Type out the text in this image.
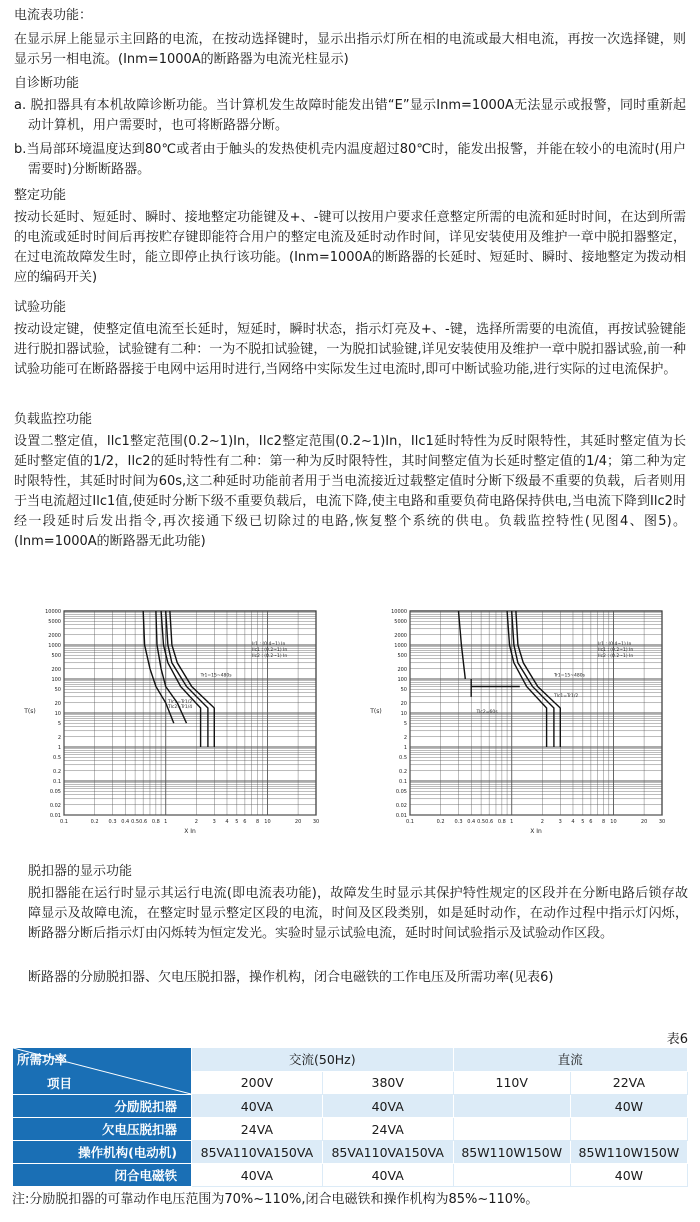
电流表功能：
在显示屏上能显示主回路的电流，在按动选择键时，显示出指示灯所在相的电流或最大相电流，再按一次选择键，则显示另一相电流。(Inm=1000A的断路器为电流光柱显示)
自诊断功能
a. 脱扣器具有本机故障诊断功能。当计算机发生故障时能发出错“E”显示Inm=1000A无法显示或报警，同时重新起动计算机，用户需要时，也可将断路器分断。
b.当局部环境温度达到80℃或者由于触头的发热使机壳内温度超过80℃时，能发出报警，并能在较小的电流时(用户需要时)分断断路器。
整定功能
按动长延时、短延时、瞬时、接地整定功能键及+、-键可以按用户要求任意整定所需的电流和延时时间，在达到所需的电流或延时时间后再按贮存键即能符合用户的整定电流及延时动作时间，详见安装使用及维护一章中脱扣器整定，在过电流故障发生时，能立即停止执行该功能。(Inm=1000A的断路器的长延时、短延时、瞬时、接地整定为拨动相应的编码开关)
试验功能
按动设定键，使整定值电流至长延时，短延时，瞬时状态，指示灯亮及+、-键，选择所需要的电流值，再按试验键能进行脱扣器试验，试验键有二种：一为不脱扣试验键，一为脱扣试验键,详见安装使用及维护一章中脱扣器试验,前一种试验功能可在断路器接于电网中运用时进行,当网络中实际发生过电流时,即可中断试验功能,进行实际的过电流保护。
负载监控功能
设置二整定值，Ilc1整定范围(0.2~1)In，Ⅰlc2整定范围(0.2~1)In，Ilc1延时特性为反时限特性，其延时整定值为长延时整定值的1/2，Ⅰlc2的延时特性有二种：第一种为反时限特性，其时间整定值为长延时整定值的1/4；第二种为定时限特性，其延时时间为60s,这二种延时功能前者用于当电流接近过载整定值时分断下级最不重要的负载，后者则用于当电流超过Ⅰlc1值,使延时分断下级不重要负载后，电流下降,使主电路和重要负荷电路保持供电,当电流下降到Ⅰlc2时经一段延时后发出指令,再次接通下级已切除过的电路,恢复整个系统的供电。负载监控特性(见图4、图5)。(Inm=1000A的断路器无此功能)
10000
5000
2000
1000
500
200
100
50
20
10
5
2
1
0.5
0.2
0.1
0.05
0.02
0.01
0.1	0.2 0.3 0.4 0.5 0.6 0.8 1	2	3 4 5 6 8 10	20 30
T(s)
X In
Ir1 : (0.4~1) In
Ilc1 : (0.2~1) In
Ilc2 : (0.2~1) In
Tr1=15~480s
Tlc1=Tr1/2
Tlc2=Tr1/4
10000
5000
2000
1000
500
200
100
50
20
10
5
2
1
0.5
0.2
0.1
0.05
0.02
0.01
0.1	0.2 0.3 0.4 0.5 0.6 0.8 1	2	3 4 5 6 8 10	20 30
T(s)
X In
Ir1 : (0.4~1) In
Ilc1 : (0.2~1) In
Ilc2 : (0.2~1) In
Tr1=15~480s
Tlc1=Tr1/2
Tlc2=60s
脱扣器的显示功能
脱扣器能在运行时显示其运行电流(即电流表功能)，故障发生时显示其保护特性规定的区段并在分断电路后锁存故障显示及故障电流，在整定时显示整定区段的电流，时间及区段类别，如是延时动作，在动作过程中指示灯闪烁，断路器分断后指示灯由闪烁转为恒定发光。实验时显示试验电流，延时时间试验指示及试验动作区段。
断路器的分励脱扣器、欠电压脱扣器，操作机构，闭合电磁铁的工作电压及所需功率(见表6)
表6
所需功率
项目	交流(50Hz)		直流	
	200V	380V	110V	22VA
分励脱扣器	40VA	40VA		40W
欠电压脱扣器	24VA	24VA		
操作机构(电动机)	85VA110VA150VA	85VA110VA150VA	85W110W150W	85W110W150W
闭合电磁铁	40VA	40VA		40W
注:分励脱扣器的可靠动作电压范围为70%~110%,闭合电磁铁和操作机构为85%~110%。
